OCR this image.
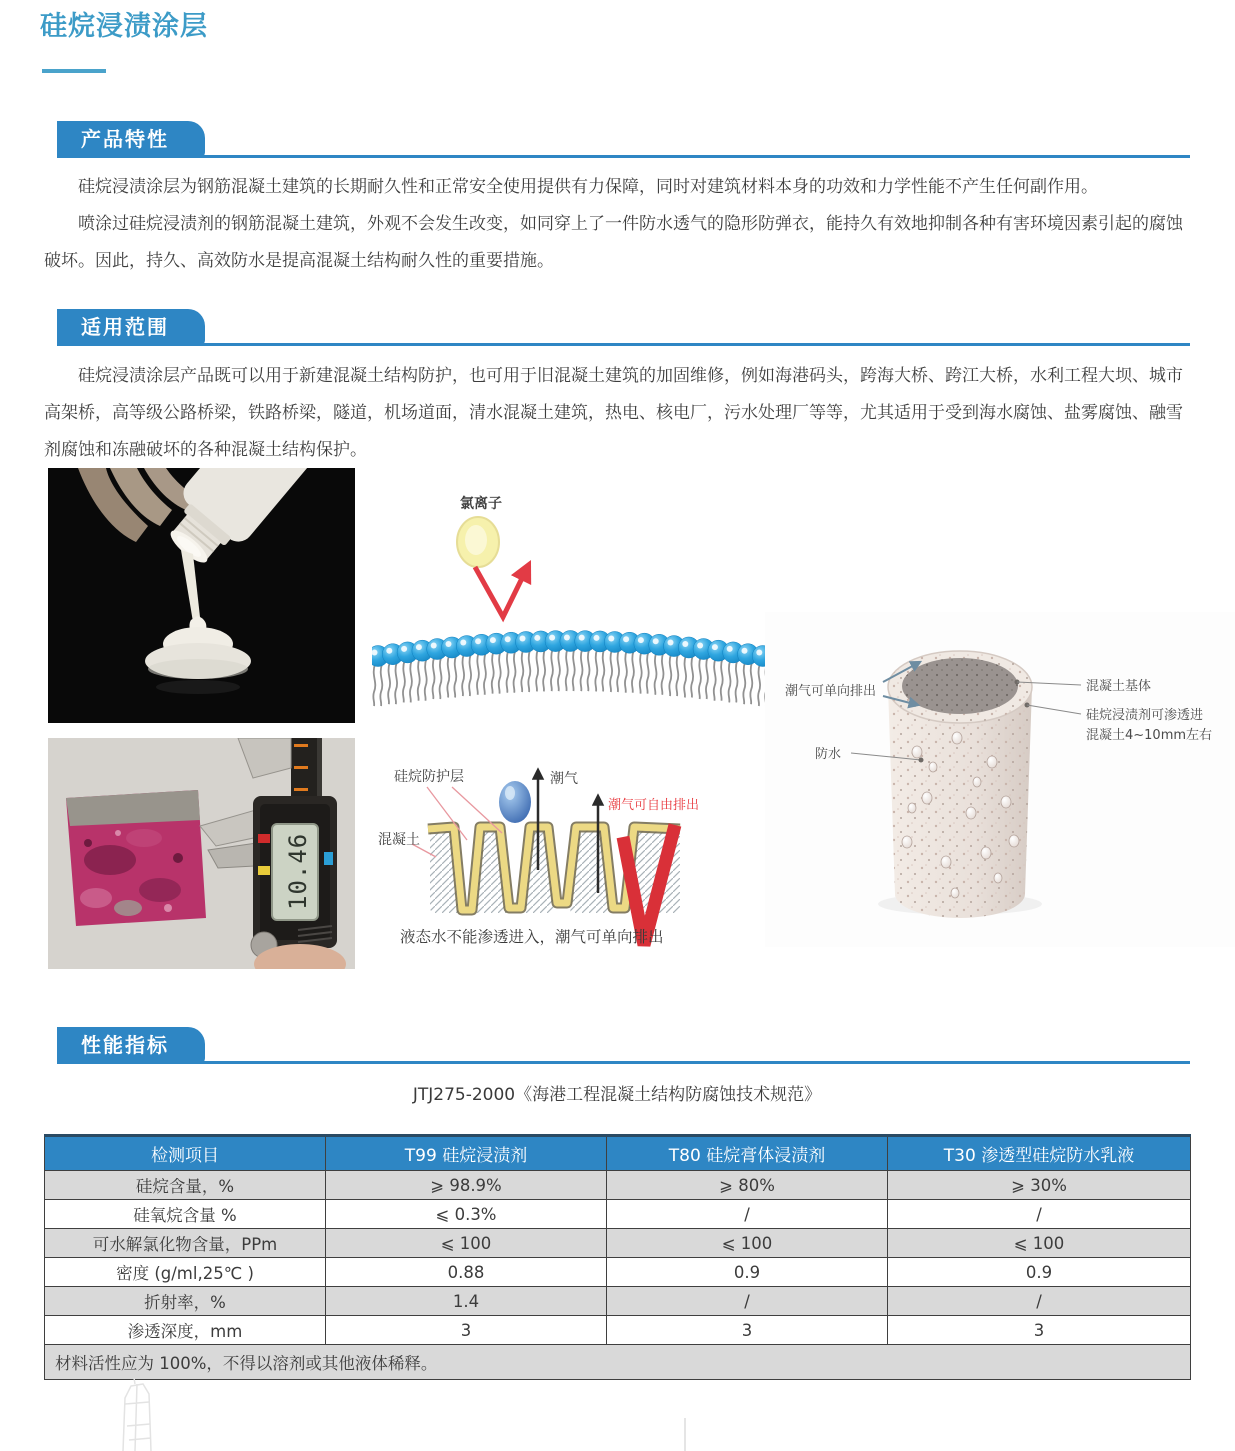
硅烷浸渍涂层
产品特性

硅烷浸渍涂层为钢筋混凝土建筑的长期耐久性和正常安全使用提供有力保障，同时对建筑材料本身的功效和力学性能不产生任何副作用。

喷涂过硅烷浸渍剂的钢筋混凝土建筑，外观不会发生改变，如同穿上了一件防水透气的隐形防弹衣，能持久有效地抑制各种有害环境因素引起的腐蚀破坏。因此，持久、高效防水是提高混凝土结构耐久性的重要措施。

适用范围

硅烷浸渍涂层产品既可以用于新建混凝土结构防护，也可用于旧混凝土建筑的加固维修，例如海港码头，跨海大桥、跨江大桥，水利工程大坝、城市高架桥，高等级公路桥梁，铁路桥梁，隧道，机场道面，清水混凝土建筑，热电、核电厂，污水处理厂等等，尤其适用于受到海水腐蚀、盐雾腐蚀、融雪剂腐蚀和冻融破坏的各种混凝土结构保护。

氯离子
潮气可单向排出	混凝土基体
硅烷浸渍剂可渗透进
混凝土4~10mm左右
防水
10.46
硅烷防护层
混凝土
潮气
潮气可自由排出
液态水不能渗透进入，潮气可单向排出
性能指标
JTJ275-2000《海港工程混凝土结构防腐蚀技术规范》
检测项目	T99 硅烷浸渍剂	T80 硅烷膏体浸渍剂	T30 渗透型硅烷防水乳液
硅烷含量，%	⩾ 98.9%	⩾ 80%	⩾ 30%
硅氧烷含量 %	⩽ 0.3%	/	/
可水解氯化物含量，PPm	⩽ 100	⩽ 100	⩽ 100
密度 (g/ml,25℃ )	0.88	0.9	0.9
折射率，%	1.4	/	/
渗透深度，mm	3	3	3
材料活性应为 100%，不得以溶剂或其他液体稀释。			
